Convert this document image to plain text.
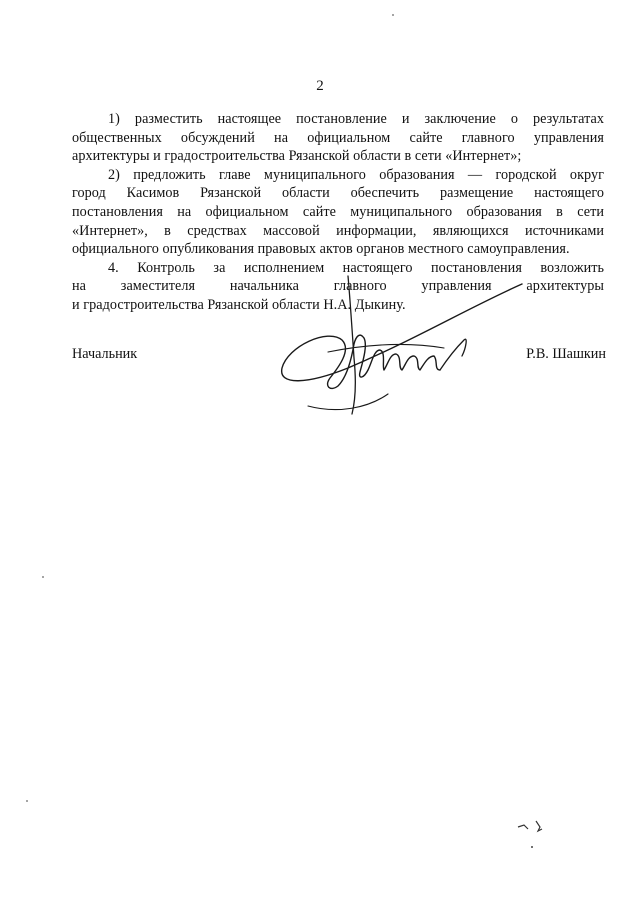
2

1) разместить настоящее постановление и заключение о результатах
общественных обсуждений на официальном сайте главного управления
архитектуры и градостроительства Рязанской области в сети «Интернет»;

2) предложить главе муниципального образования — городской округ
город Касимов Рязанской области обеспечить размещение настоящего
постановления на официальном сайте муниципального образования в сети
«Интернет», в средствах массовой информации, являющихся источниками
официального опубликования правовых актов органов местного самоуправления.

4. Контроль за исполнением настоящего постановления возложить
на заместителя начальника главного управления архитектуры
и градостроительства Рязанской области Н.А. Дыкину.

Начальник	Р.В. Шашкин
